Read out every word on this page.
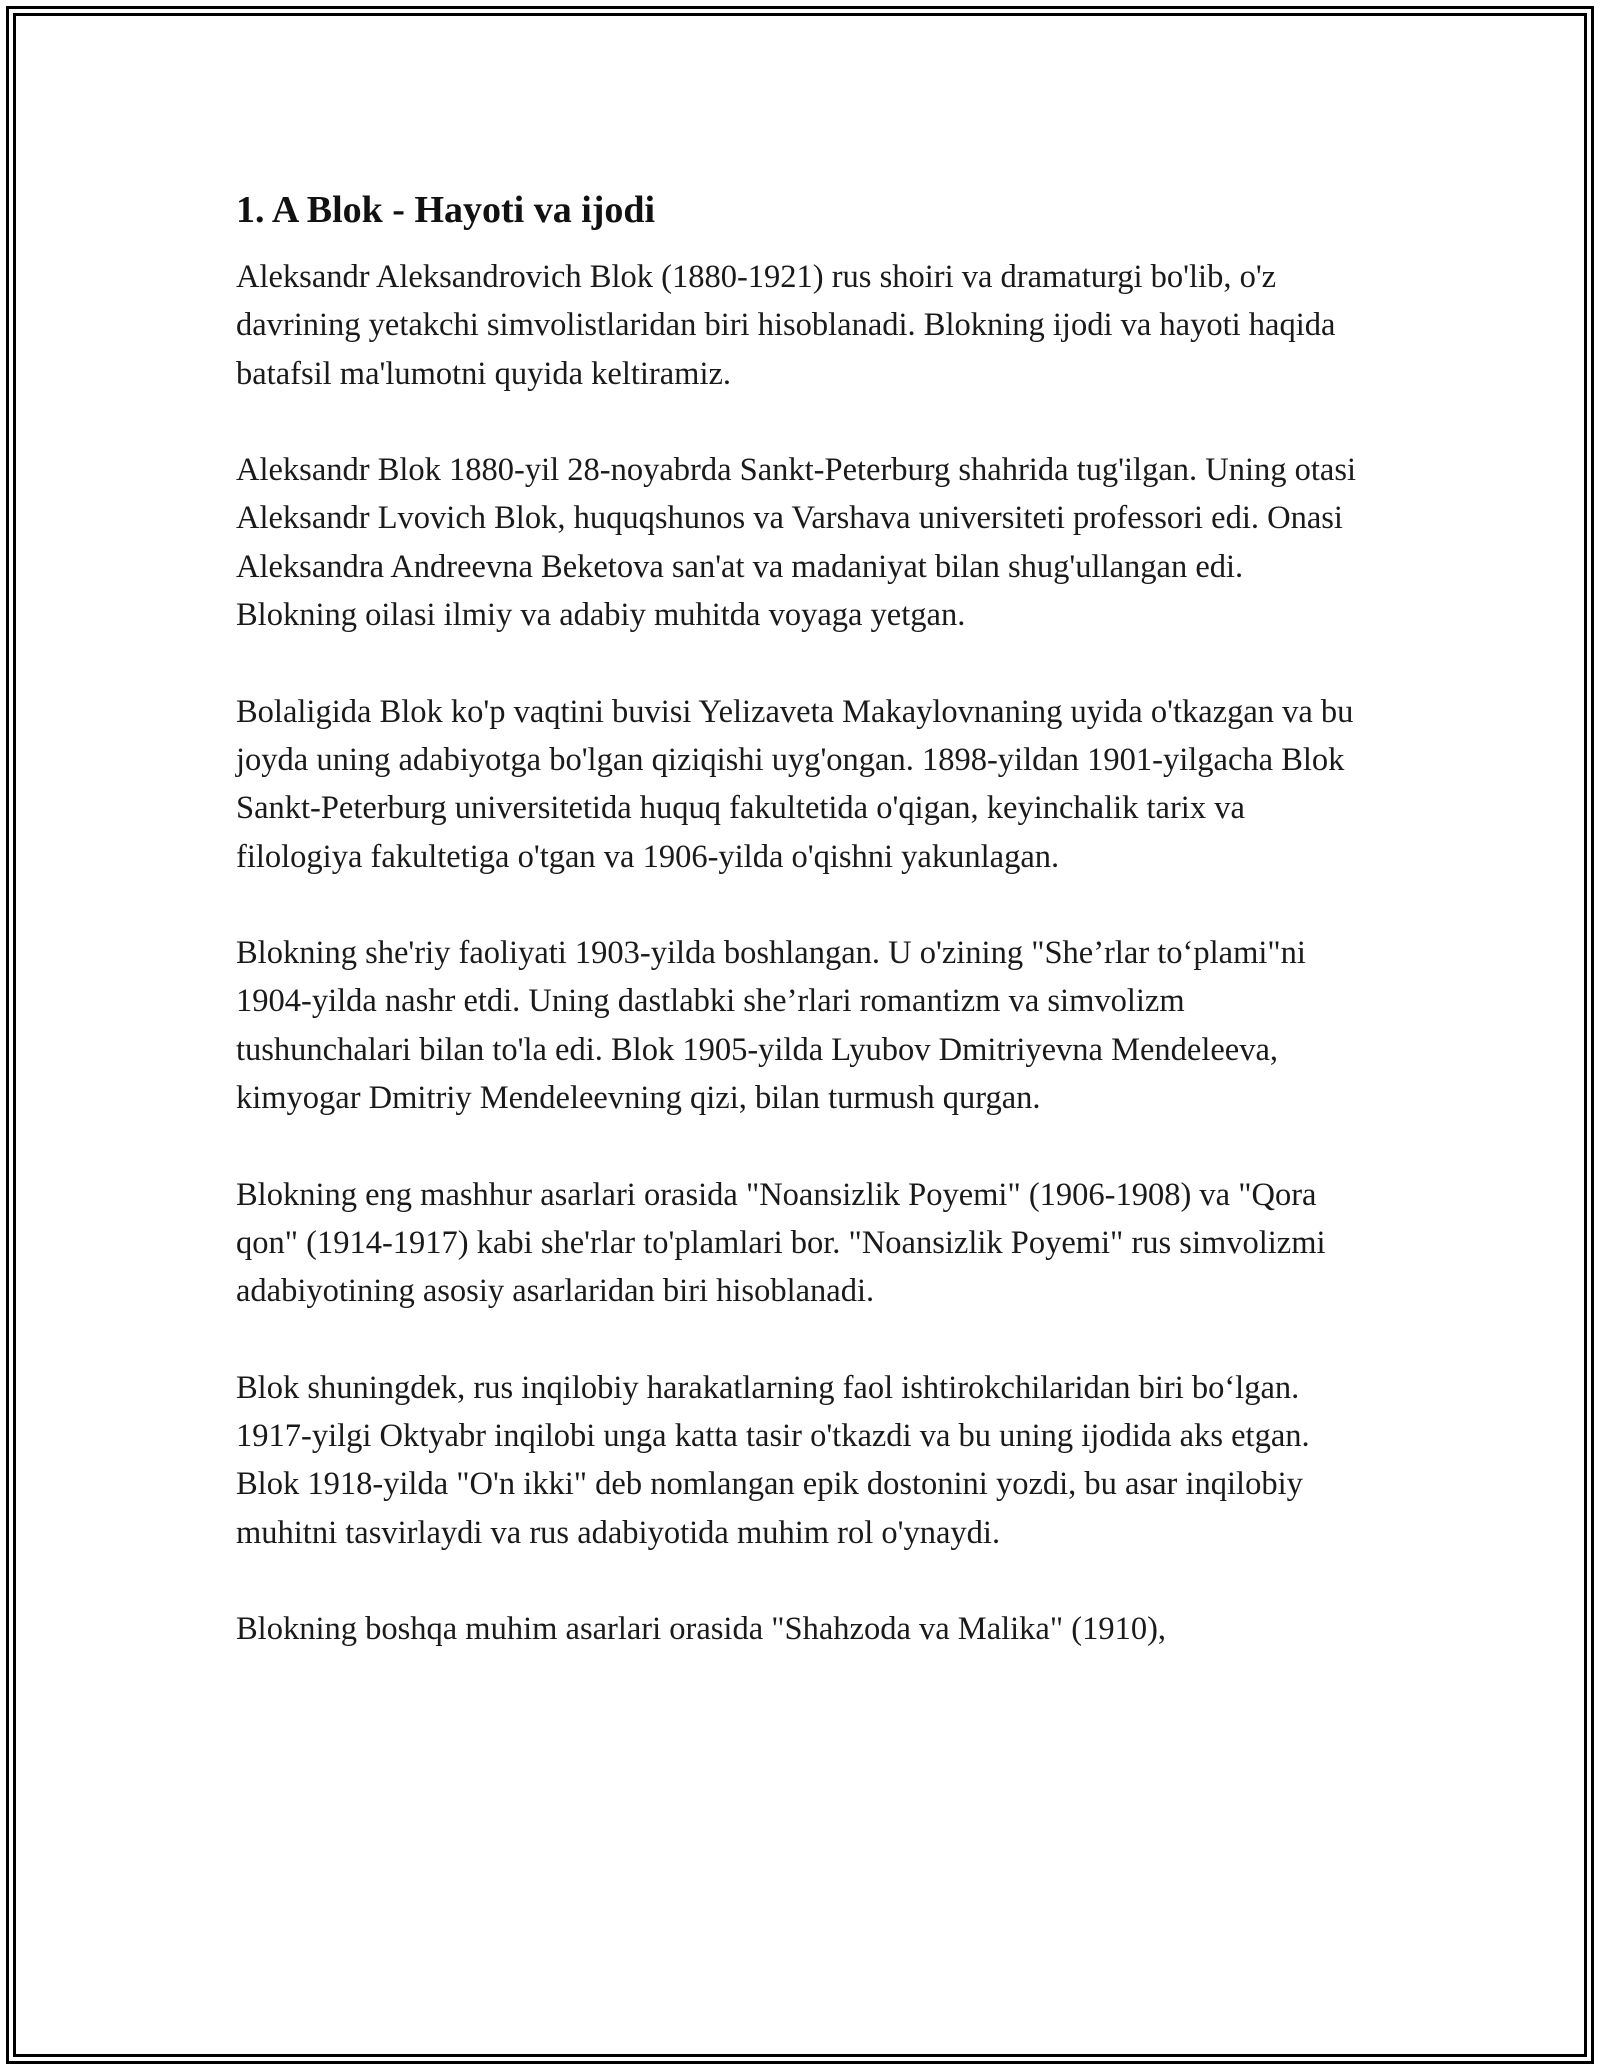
1. A Blok - Hayoti va ijodi

Aleksandr Aleksandrovich Blok (1880-1921) rus shoiri va dramaturgi bo'lib, o'z davrining yetakchi simvolistlaridan biri hisoblanadi. Blokning ijodi va hayoti haqida batafsil ma'lumotni quyida keltiramiz.

Aleksandr Blok 1880-yil 28-noyabrda Sankt-Peterburg shahrida tug'ilgan. Uning otasi Aleksandr Lvovich Blok, huquqshunos va Varshava universiteti professori edi. Onasi Aleksandra Andreevna Beketova san'at va madaniyat bilan shug'ullangan edi. Blokning oilasi ilmiy va adabiy muhitda voyaga yetgan.

Bolaligida Blok ko'p vaqtini buvisi Yelizaveta Makaylovnaning uyida o'tkazgan va bu joyda uning adabiyotga bo'lgan qiziqishi uyg'ongan. 1898-yildan 1901-yilgacha Blok Sankt-Peterburg universitetida huquq fakultetida o'qigan, keyinchalik tarix va filologiya fakultetiga o'tgan va 1906-yilda o'qishni yakunlagan.

Blokning she'riy faoliyati 1903-yilda boshlangan. U o'zining "She’rlar to‘plami"ni 1904-yilda nashr etdi. Uning dastlabki she’rlari romantizm va simvolizm tushunchalari bilan to'la edi. Blok 1905-yilda Lyubov Dmitriyevna Mendeleeva, kimyogar Dmitriy Mendeleevning qizi, bilan turmush qurgan.

Blokning eng mashhur asarlari orasida "Noansizlik Poyemi" (1906-1908) va "Qora qon" (1914-1917) kabi she'rlar to'plamlari bor. "Noansizlik Poyemi" rus simvolizmi adabiyotining asosiy asarlaridan biri hisoblanadi.

Blok shuningdek, rus inqilobiy harakatlarning faol ishtirokchilaridan biri bo‘lgan. 1917-yilgi Oktyabr inqilobi unga katta tasir o'tkazdi va bu uning ijodida aks etgan. Blok 1918-yilda "O'n ikki" deb nomlangan epik dostonini yozdi, bu asar inqilobiy muhitni tasvirlaydi va rus adabiyotida muhim rol o'ynaydi.

Blokning boshqa muhim asarlari orasida "Shahzoda va Malika" (1910),
